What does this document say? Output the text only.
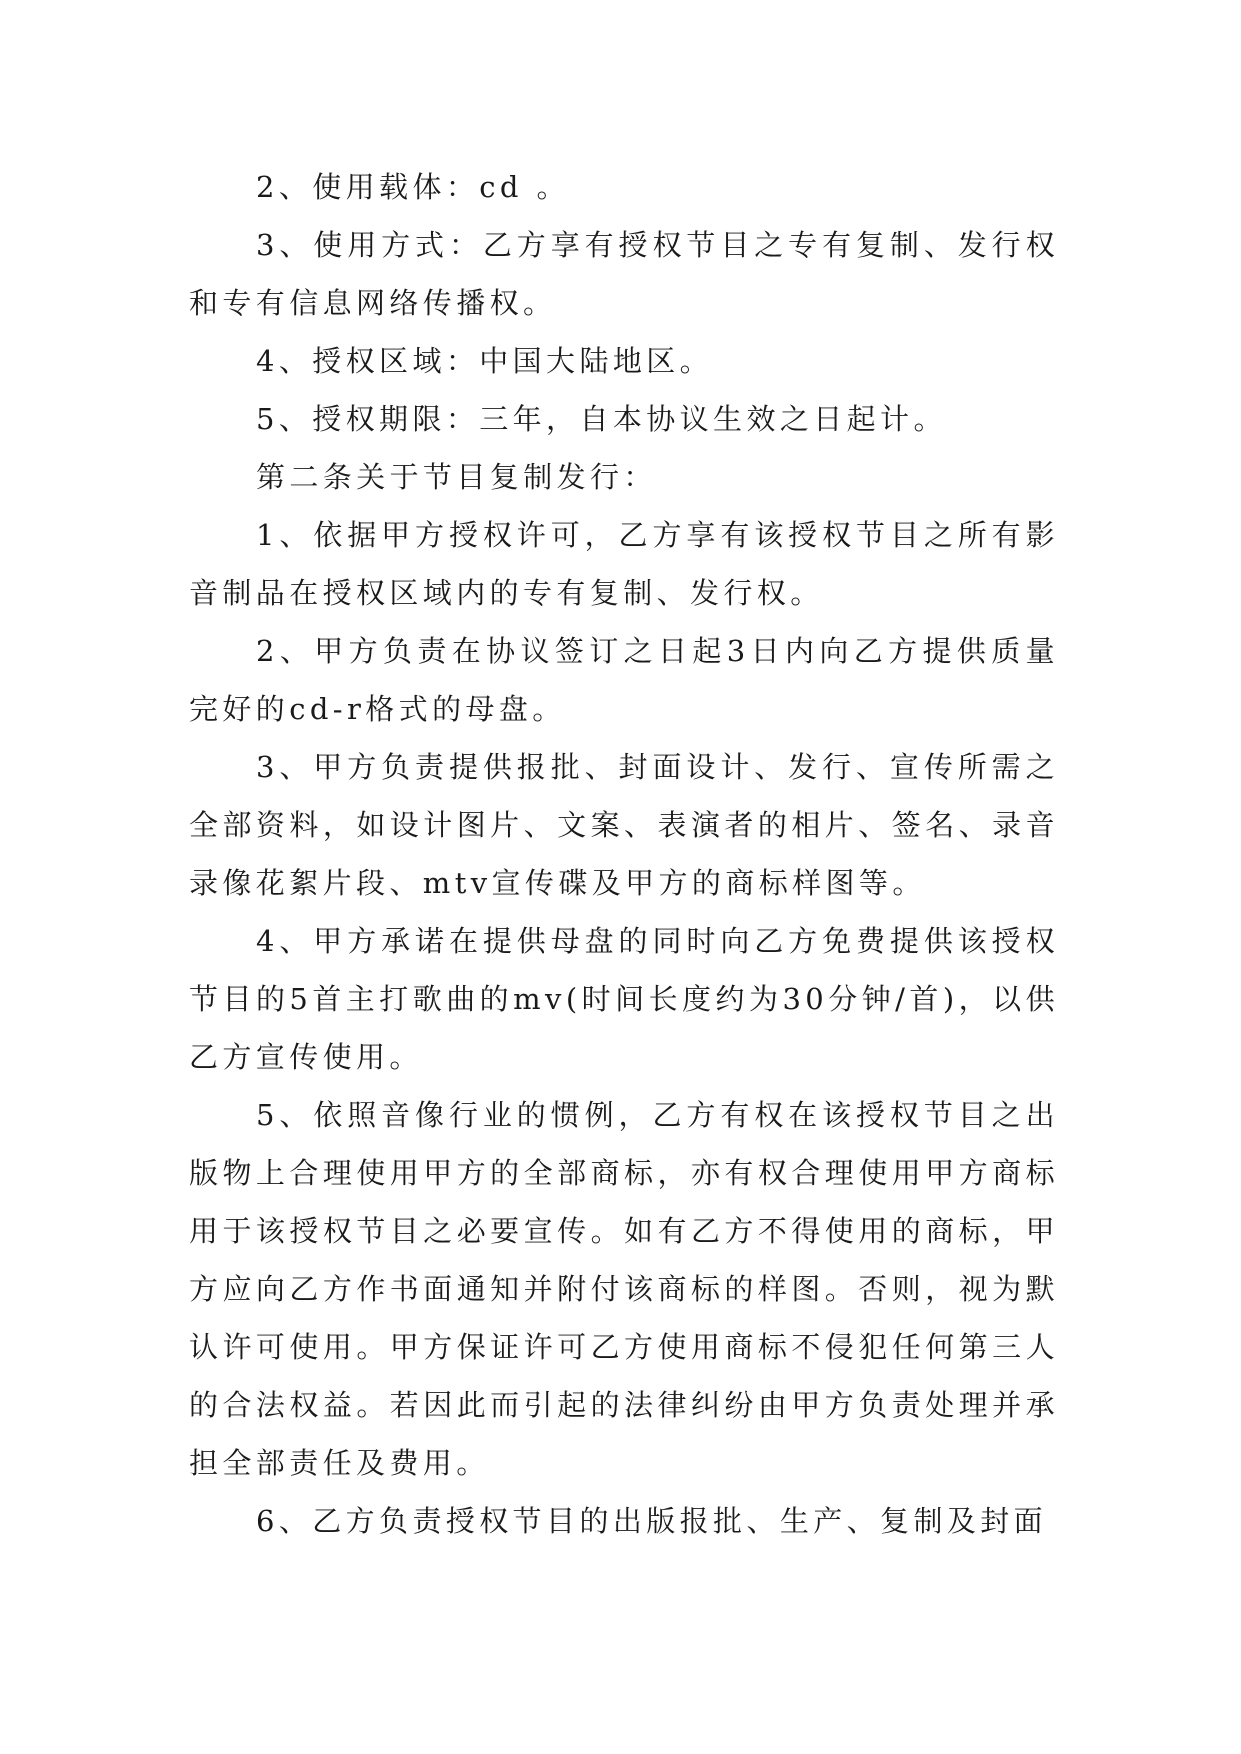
2、使用载体：cd 。

3、使用方式：乙方享有授权节目之专有复制、发行权和专有信息网络传播权。

4、授权区域：中国大陆地区。

5、授权期限：三年，自本协议生效之日起计。

第二条关于节目复制发行：

1、依据甲方授权许可，乙方享有该授权节目之所有影音制品在授权区域内的专有复制、发行权。

2、甲方负责在协议签订之日起3日内向乙方提供质量完好的cd-r格式的母盘。

3、甲方负责提供报批、封面设计、发行、宣传所需之全部资料，如设计图片、文案、表演者的相片、签名、录音录像花絮片段、mtv宣传碟及甲方的商标样图等。

4、甲方承诺在提供母盘的同时向乙方免费提供该授权节目的5首主打歌曲的mv(时间长度约为30分钟/首)，以供乙方宣传使用。

5、依照音像行业的惯例，乙方有权在该授权节目之出版物上合理使用甲方的全部商标，亦有权合理使用甲方商标用于该授权节目之必要宣传。如有乙方不得使用的商标，甲方应向乙方作书面通知并附付该商标的样图。否则，视为默认许可使用。甲方保证许可乙方使用商标不侵犯任何第三人的合法权益。若因此而引起的法律纠纷由甲方负责处理并承担全部责任及费用。

6、乙方负责授权节目的出版报批、生产、复制及封面
